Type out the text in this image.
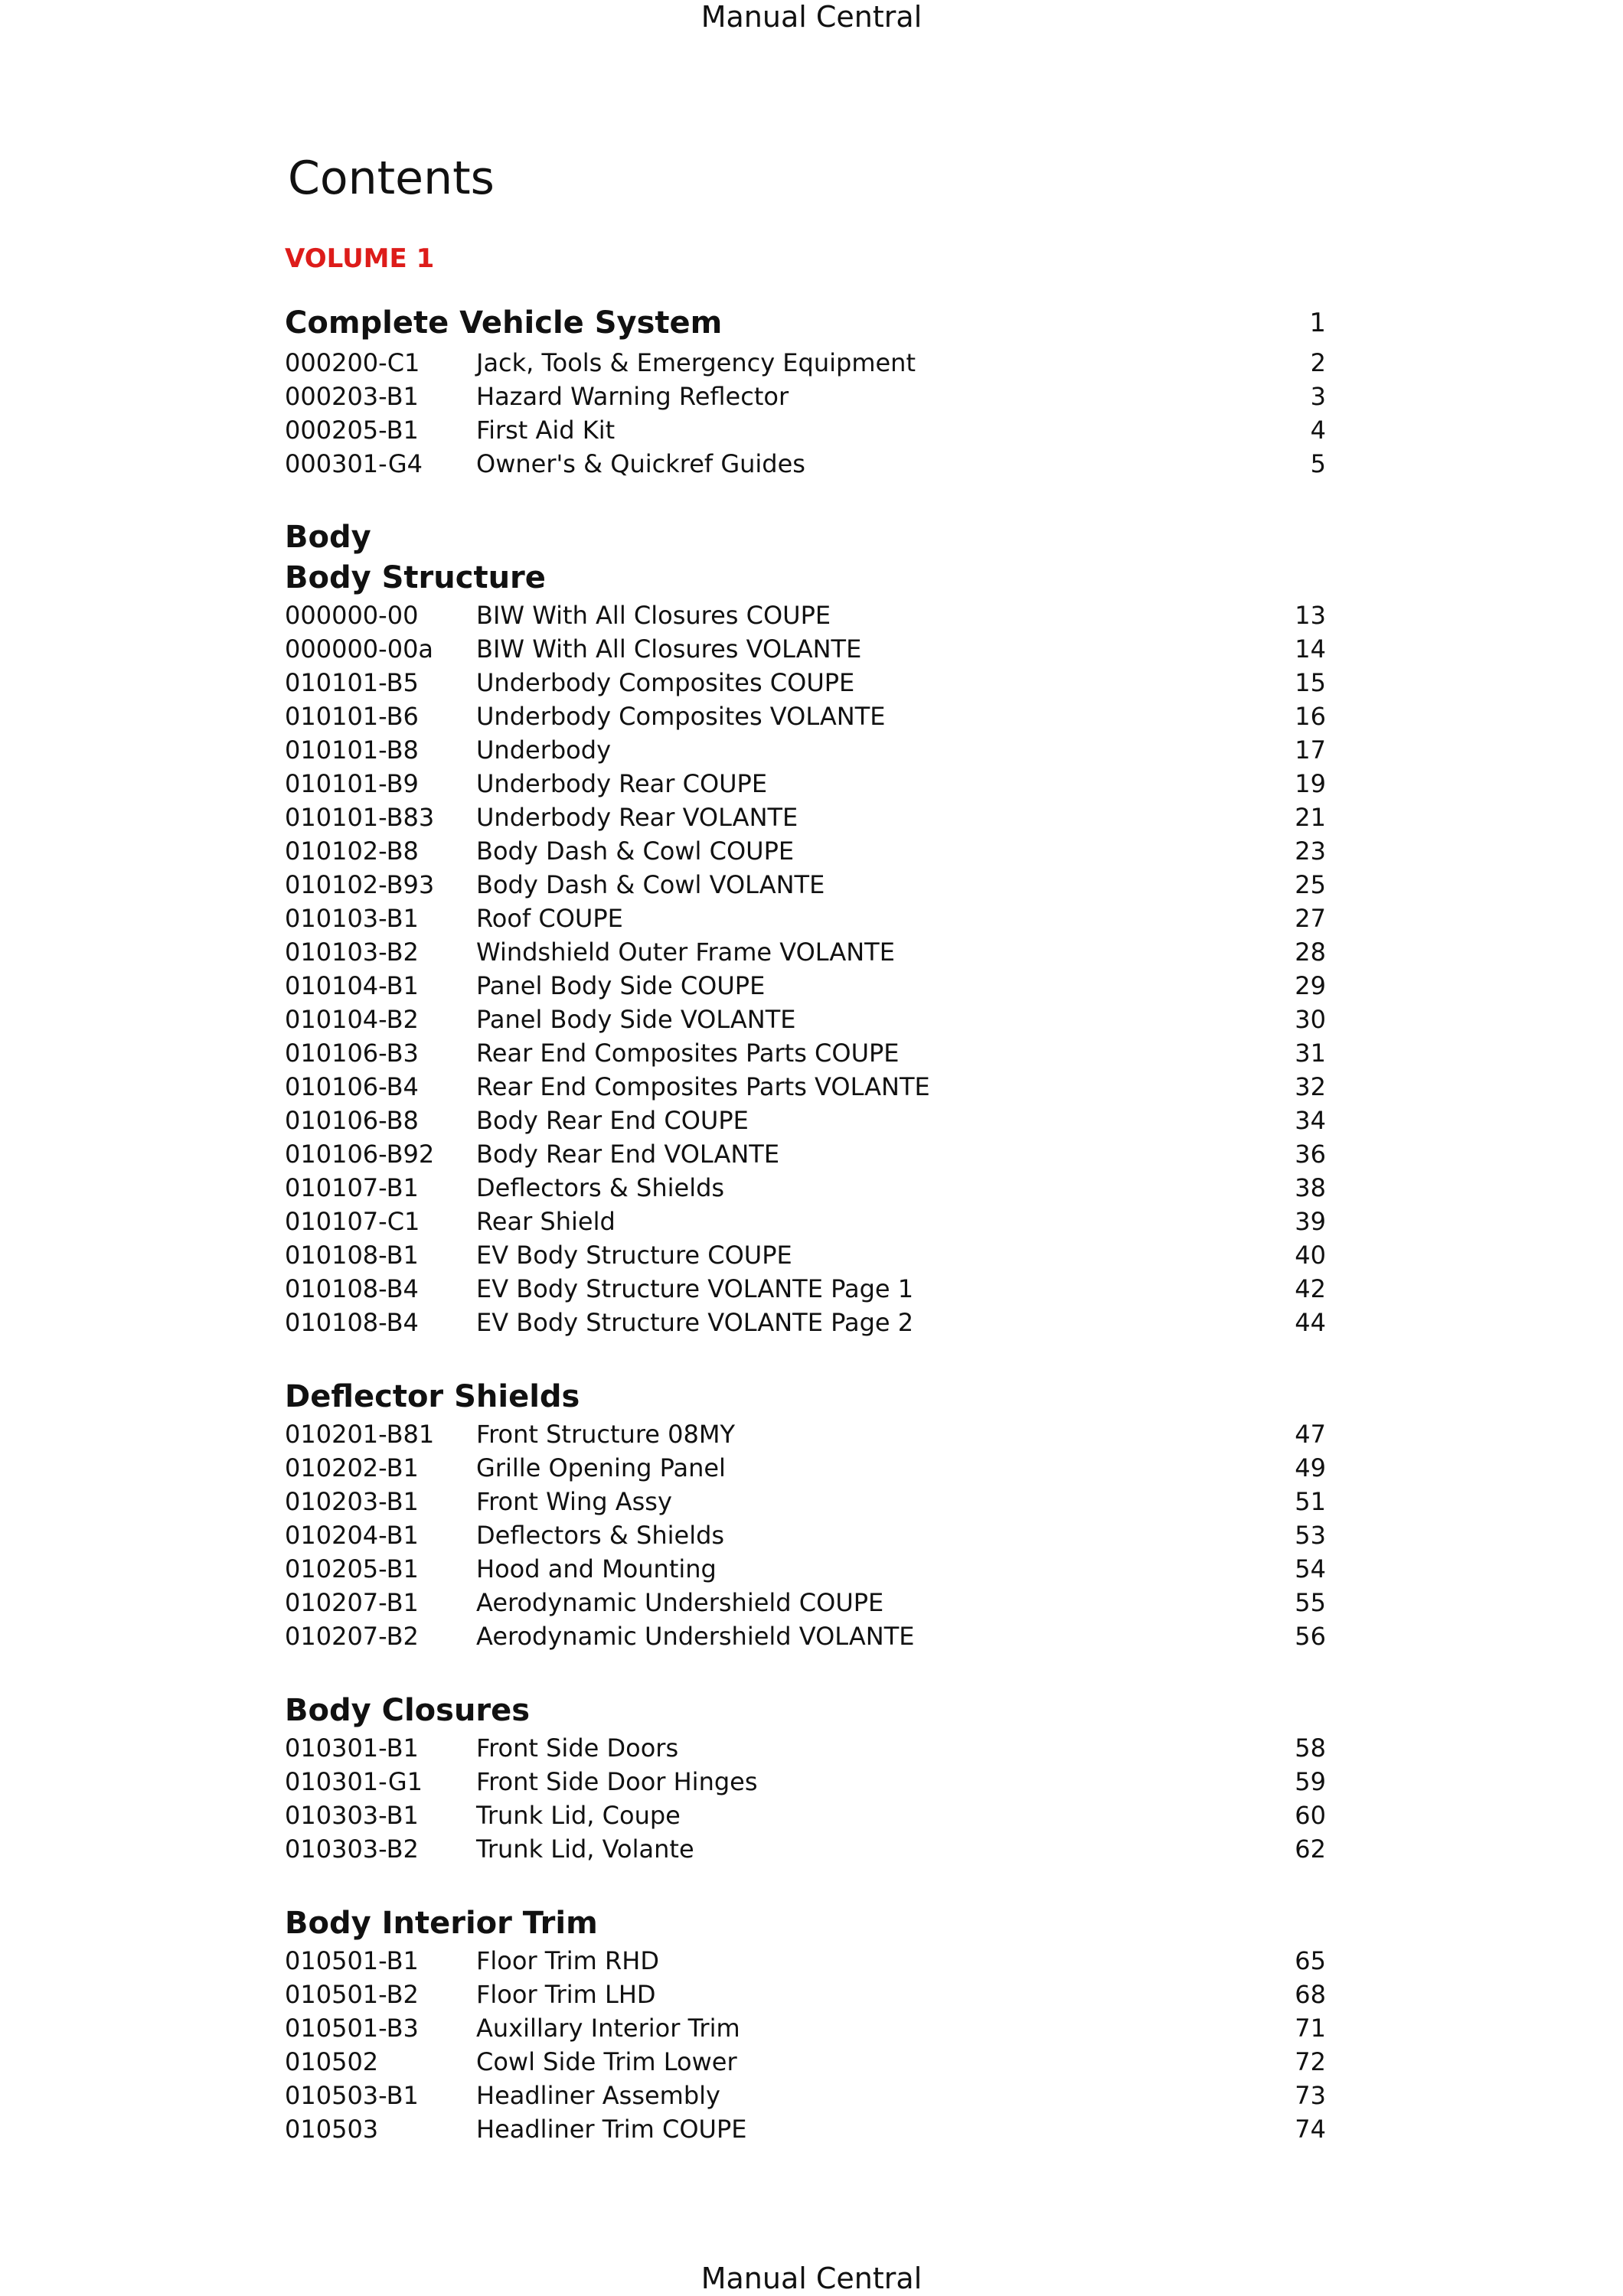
Manual Central
Contents
VOLUME 1
Complete Vehicle System	1
000200-C1	Jack, Tools & Emergency Equipment	2
000203-B1	Hazard Warning Reflector	3
000205-B1	First Aid Kit	4
000301-G4	Owner's & Quickref Guides	5
Body
Body Structure
000000-00	BIW With All Closures COUPE	13
000000-00a	BIW With All Closures VOLANTE	14
010101-B5	Underbody Composites COUPE	15
010101-B6	Underbody Composites VOLANTE	16
010101-B8	Underbody	17
010101-B9	Underbody Rear COUPE	19
010101-B83	Underbody Rear VOLANTE	21
010102-B8	Body Dash & Cowl COUPE	23
010102-B93	Body Dash & Cowl VOLANTE	25
010103-B1	Roof COUPE	27
010103-B2	Windshield Outer Frame VOLANTE	28
010104-B1	Panel Body Side COUPE	29
010104-B2	Panel Body Side VOLANTE	30
010106-B3	Rear End Composites Parts COUPE	31
010106-B4	Rear End Composites Parts VOLANTE	32
010106-B8	Body Rear End COUPE	34
010106-B92	Body Rear End VOLANTE	36
010107-B1	Deflectors & Shields	38
010107-C1	Rear Shield	39
010108-B1	EV Body Structure COUPE	40
010108-B4	EV Body Structure VOLANTE Page 1	42
010108-B4	EV Body Structure VOLANTE Page 2	44
Deflector Shields
010201-B81	Front Structure 08MY	47
010202-B1	Grille Opening Panel	49
010203-B1	Front Wing Assy	51
010204-B1	Deflectors & Shields	53
010205-B1	Hood and Mounting	54
010207-B1	Aerodynamic Undershield COUPE	55
010207-B2	Aerodynamic Undershield VOLANTE	56
Body Closures
010301-B1	Front Side Doors	58
010301-G1	Front Side Door Hinges	59
010303-B1	Trunk Lid, Coupe	60
010303-B2	Trunk Lid, Volante	62
Body Interior Trim
010501-B1	Floor Trim RHD	65
010501-B2	Floor Trim LHD	68
010501-B3	Auxillary Interior Trim	71
010502	Cowl Side Trim Lower	72
010503-B1	Headliner Assembly	73
010503	Headliner Trim COUPE	74
Manual Central
